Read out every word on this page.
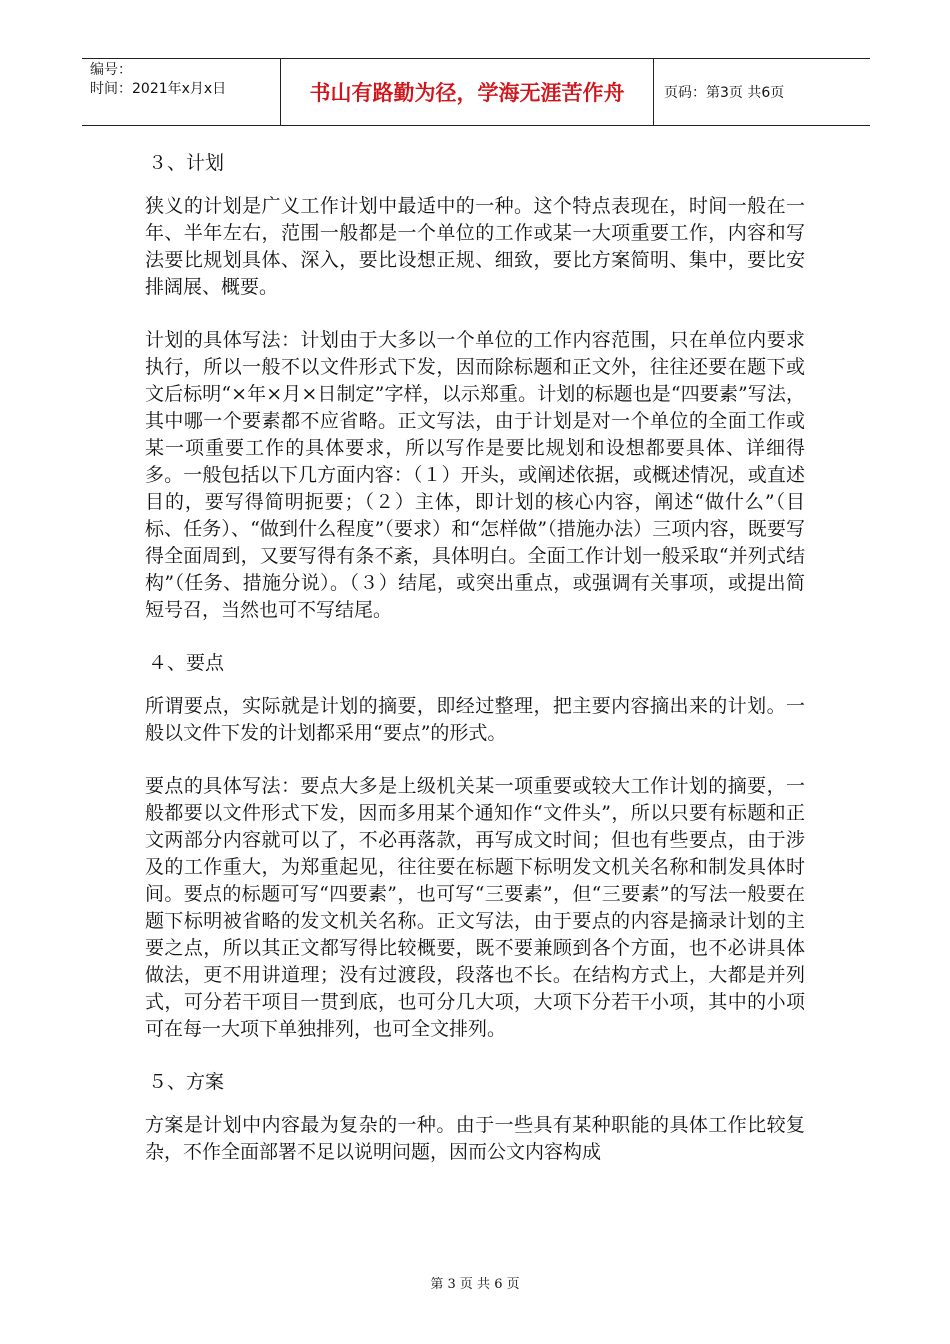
编号：
时间：2021年x月x日	书山有路勤为径，学海无涯苦作舟	页码：第3页 共6页
３、计划

狭义的计划是广义工作计划中最适中的一种。这个特点表现在，时间一般在一年、半年左右，范围一般都是一个单位的工作或某一大项重要工作，内容和写法要比规划具体、深入，要比设想正规、细致，要比方案简明、集中，要比安排阔展、概要。

计划的具体写法：计划由于大多以一个单位的工作内容范围，只在单位内要求执行，所以一般不以文件形式下发，因而除标题和正文外，往往还要在题下或文后标明“×年×月×日制定”字样，以示郑重。计划的标题也是“四要素”写法，其中哪一个要素都不应省略。正文写法，由于计划是对一个单位的全面工作或某一项重要工作的具体要求，所以写作是要比规划和设想都要具体、详细得多。一般包括以下几方面内容：（１）开头，或阐述依据，或概述情况，或直述目的，要写得简明扼要；（２）主体，即计划的核心内容，阐述“做什么”（目标、任务）、“做到什么程度”（要求）和“怎样做”（措施办法）三项内容，既要写得全面周到，又要写得有条不紊，具体明白。全面工作计划一般采取“并列式结构”（任务、措施分说）。（３）结尾，或突出重点，或强调有关事项，或提出简短号召，当然也可不写结尾。

４、要点

所谓要点，实际就是计划的摘要，即经过整理，把主要内容摘出来的计划。一般以文件下发的计划都采用“要点”的形式。

要点的具体写法：要点大多是上级机关某一项重要或较大工作计划的摘要，一般都要以文件形式下发，因而多用某个通知作“文件头”，所以只要有标题和正文两部分内容就可以了，不必再落款，再写成文时间；但也有些要点，由于涉及的工作重大，为郑重起见，往往要在标题下标明发文机关名称和制发具体时间。要点的标题可写“四要素”，也可写“三要素”，但“三要素”的写法一般要在题下标明被省略的发文机关名称。正文写法，由于要点的内容是摘录计划的主要之点，所以其正文都写得比较概要，既不要兼顾到各个方面，也不必讲具体做法，更不用讲道理；没有过渡段，段落也不长。在结构方式上，大都是并列式，可分若干项目一贯到底，也可分几大项，大项下分若干小项，其中的小项可在每一大项下单独排列，也可全文排列。

５、方案

方案是计划中内容最为复杂的一种。由于一些具有某种职能的具体工作比较复杂，不作全面部署不足以说明问题，因而公文内容构成

第 3 页 共 6 页
